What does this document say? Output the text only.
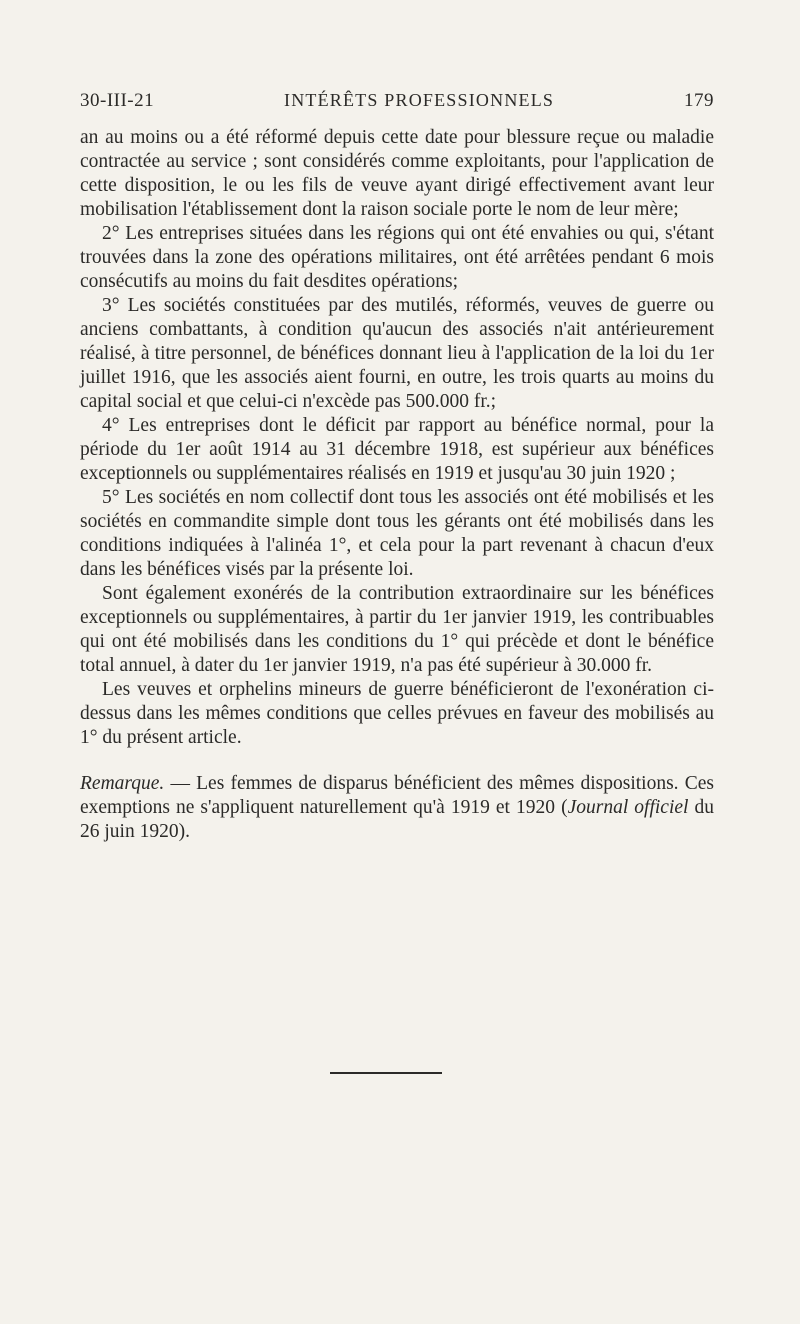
30-III-21	INTÉRÊTS PROFESSIONNELS	179

an au moins ou a été réformé depuis cette date pour blessure reçue ou maladie contractée au service ; sont considérés comme exploitants, pour l'application de cette disposition, le ou les fils de veuve ayant dirigé effectivement avant leur mobilisation l'établissement dont la raison sociale porte le nom de leur mère;

2° Les entreprises situées dans les régions qui ont été envahies ou qui, s'étant trouvées dans la zone des opérations militaires, ont été arrêtées pendant 6 mois consécutifs au moins du fait desdites opérations;

3° Les sociétés constituées par des mutilés, réformés, veuves de guerre ou anciens combattants, à condition qu'aucun des associés n'ait antérieurement réalisé, à titre personnel, de bénéfices donnant lieu à l'application de la loi du 1er juillet 1916, que les associés aient fourni, en outre, les trois quarts au moins du capital social et que celui-ci n'excède pas 500.000 fr.;

4° Les entreprises dont le déficit par rapport au bénéfice normal, pour la période du 1er août 1914 au 31 décembre 1918, est supérieur aux bénéfices exceptionnels ou supplémentaires réalisés en 1919 et jusqu'au 30 juin 1920 ;

5° Les sociétés en nom collectif dont tous les associés ont été mobilisés et les sociétés en commandite simple dont tous les gérants ont été mobilisés dans les conditions indiquées à l'alinéa 1°, et cela pour la part revenant à chacun d'eux dans les bénéfices visés par la présente loi.

Sont également exonérés de la contribution extraordinaire sur les bénéfices exceptionnels ou supplémentaires, à partir du 1er janvier 1919, les contribuables qui ont été mobilisés dans les conditions du 1° qui précède et dont le bénéfice total annuel, à dater du 1er janvier 1919, n'a pas été supérieur à 30.000 fr.

Les veuves et orphelins mineurs de guerre bénéficieront de l'exonération ci-dessus dans les mêmes conditions que celles prévues en faveur des mobilisés au 1° du présent article.

Remarque. — Les femmes de disparus bénéficient des mêmes dispositions. Ces exemptions ne s'appliquent naturellement qu'à 1919 et 1920 (Journal officiel du 26 juin 1920).
